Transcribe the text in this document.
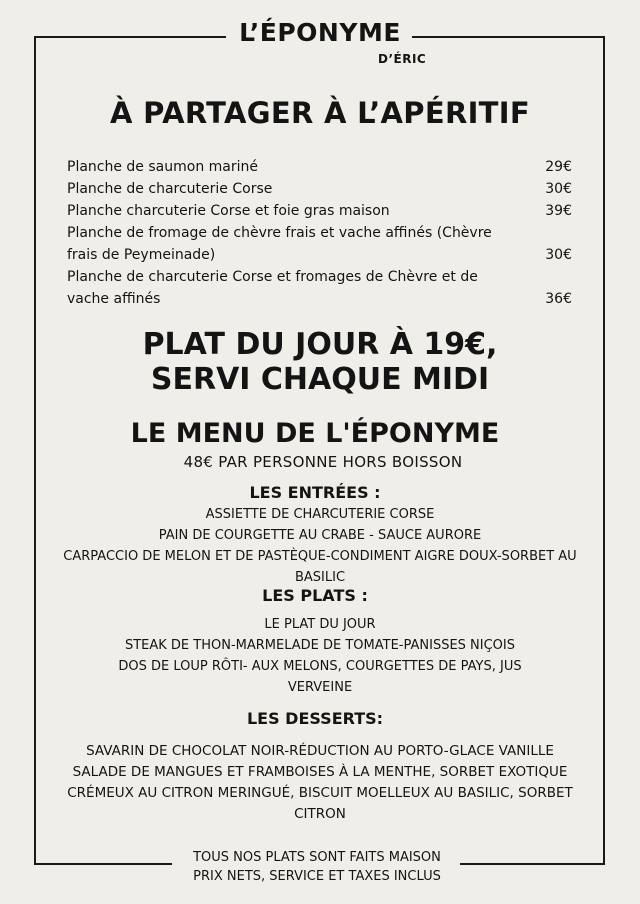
L’ÉPONYME
D’ÉRIC
À PARTAGER À L’APÉRITIF
Planche de saumon mariné	29€
Planche de charcuterie Corse	30€
Planche charcuterie Corse et foie gras maison	39€
Planche de fromage de chèvre frais et vache affinés (Chèvre frais de Peymeinade)	30€
Planche de charcuterie Corse et fromages de Chèvre et de vache affinés	36€
PLAT DU JOUR À 19€,
SERVI CHAQUE MIDI
LE MENU DE L'ÉPONYME
48€ PAR PERSONNE HORS BOISSON
LES ENTRÉES :
ASSIETTE DE CHARCUTERIE CORSE
PAIN DE COURGETTE AU CRABE - SAUCE AURORE
CARPACCIO DE MELON ET DE PASTÈQUE-CONDIMENT AIGRE DOUX-SORBET AU BASILIC
LES PLATS :
LE PLAT DU JOUR
STEAK DE THON-MARMELADE DE TOMATE-PANISSES NIÇOIS
DOS DE LOUP RÔTI- AUX MELONS, COURGETTES DE PAYS, JUS VERVEINE
LES DESSERTS:
SAVARIN DE CHOCOLAT NOIR-RÉDUCTION AU PORTO-GLACE VANILLE
SALADE DE MANGUES ET FRAMBOISES À LA MENTHE, SORBET EXOTIQUE
CRÉMEUX AU CITRON MERINGUÉ, BISCUIT MOELLEUX AU BASILIC, SORBET CITRON
TOUS NOS PLATS SONT FAITS MAISON
PRIX NETS, SERVICE ET TAXES INCLUS
